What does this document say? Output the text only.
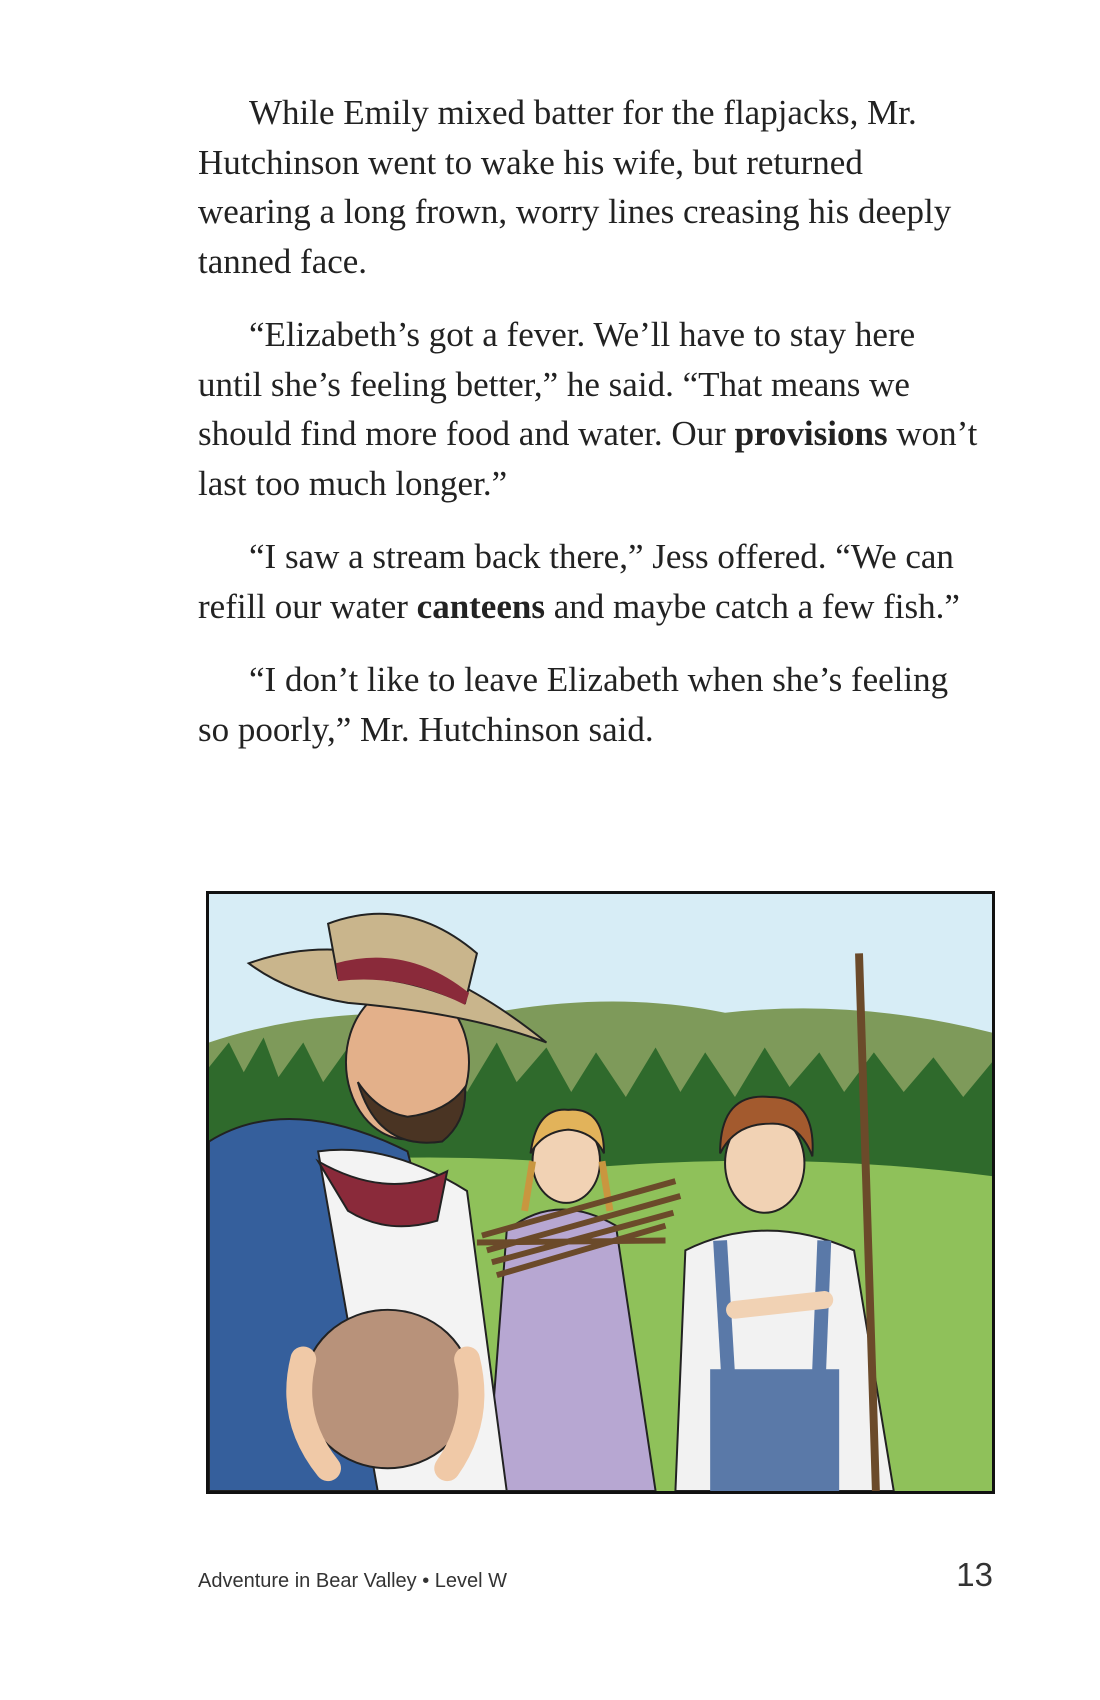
While Emily mixed batter for the flapjacks, Mr. Hutchinson went to wake his wife, but returned wearing a long frown, worry lines creasing his deeply tanned face.

“Elizabeth’s got a fever. We’ll have to stay here until she’s feeling better,” he said. “That means we should find more food and water. Our provisions won’t last too much longer.”

“I saw a stream back there,” Jess offered. “We can refill our water canteens and maybe catch a few fish.”

“I don’t like to leave Elizabeth when she’s feeling so poorly,” Mr. Hutchinson said.

Adventure in Bear Valley • Level W	13
